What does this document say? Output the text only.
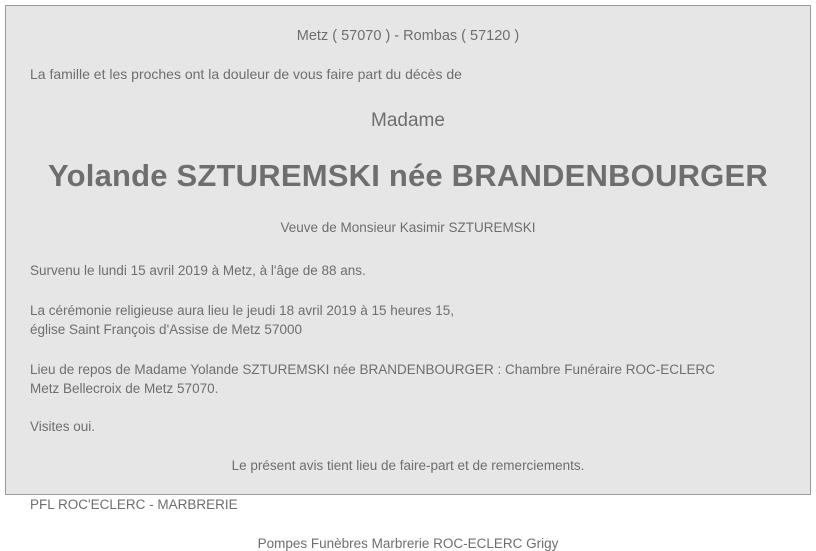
Metz ( 57070 ) - Rombas ( 57120 )
La famille et les proches ont la douleur de vous faire part du décès de
Madame
Yolande SZTUREMSKI née BRANDENBOURGER
Veuve de Monsieur Kasimir SZTUREMSKI
Survenu le lundi 15 avril 2019 à Metz, à l'âge de 88 ans.
La cérémonie religieuse aura lieu le jeudi 18 avril 2019 à 15 heures 15,
église Saint François d'Assise de Metz 57000
Lieu de repos de Madame Yolande SZTUREMSKI née BRANDENBOURGER : Chambre Funéraire ROC-ECLERC
Metz Bellecroix de Metz 57070.
Visites oui.
Le présent avis tient lieu de faire-part et de remerciements.
PFL ROC'ECLERC - MARBRERIE
Pompes Funèbres Marbrerie ROC-ECLERC Grigy
